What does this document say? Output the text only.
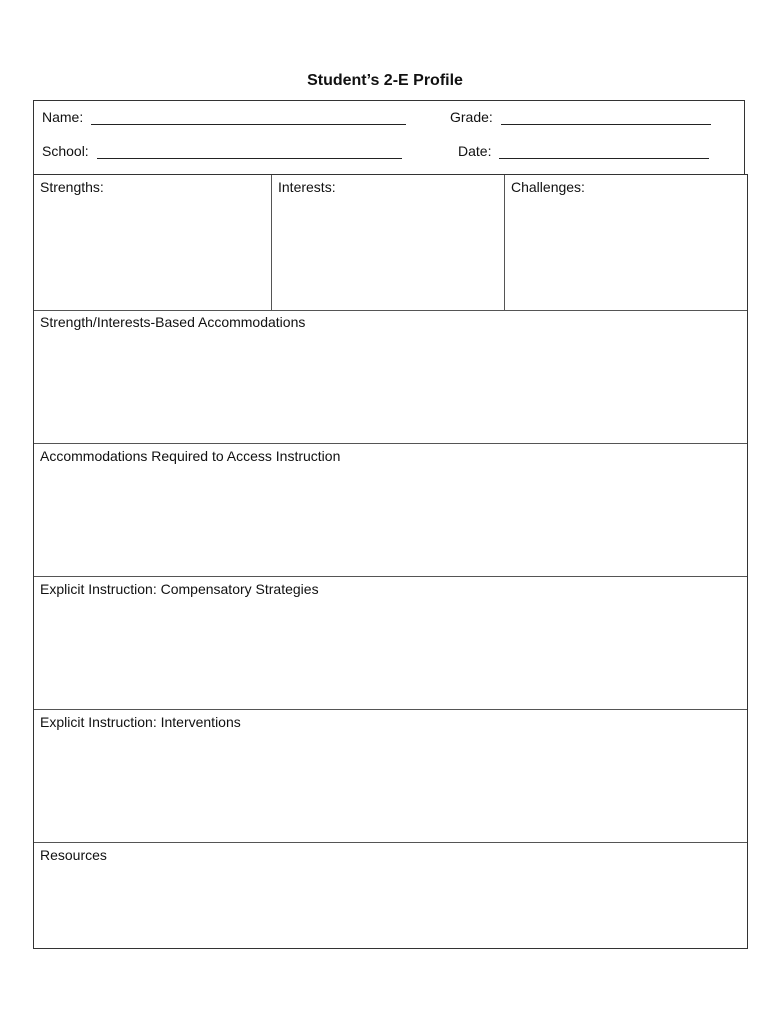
Student’s 2-E Profile
Name:	Grade:
School:	Date:
Strengths:	Interests:	Challenges:
Strength/Interests-Based Accommodations
Accommodations Required to Access Instruction
Explicit Instruction: Compensatory Strategies
Explicit Instruction: Interventions
Resources
